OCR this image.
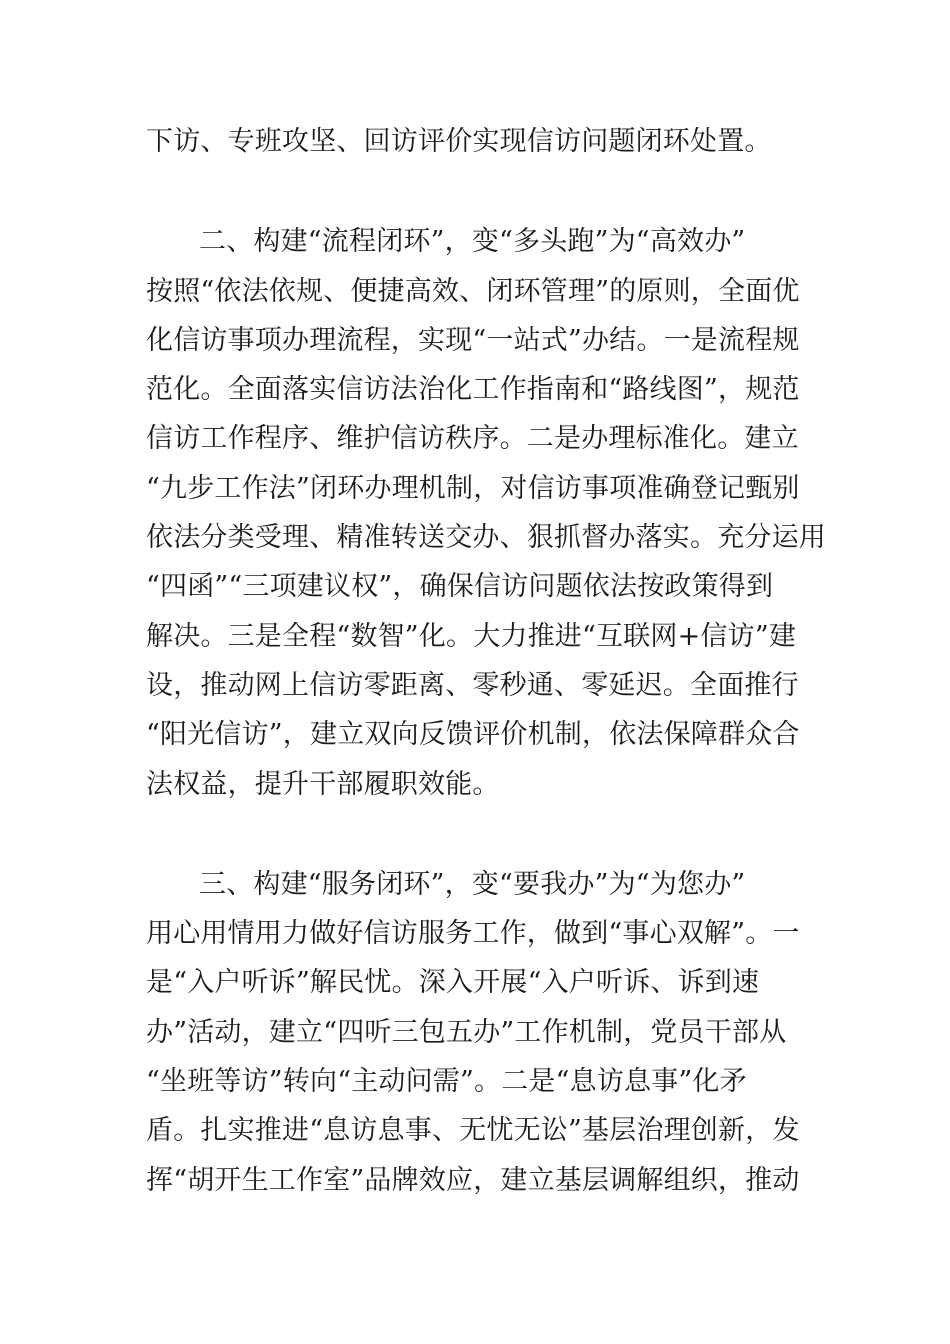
下访、专班攻坚、回访评价实现信访问题闭环处置。
二、构建“流程闭环”，变“多头跑”为“高效办”
按照“依法依规、便捷高效、闭环管理”的原则，全面优
化信访事项办理流程，实现“一站式”办结。一是流程规
范化。全面落实信访法治化工作指南和“路线图”，规范
信访工作程序、维护信访秩序。二是办理标准化。建立
“九步工作法”闭环办理机制，对信访事项准确登记甄别
依法分类受理、精准转送交办、狠抓督办落实。充分运用
“四函”“三项建议权”，确保信访问题依法按政策得到
解决。三是全程“数智”化。大力推进“互联网+信访”建
设，推动网上信访零距离、零秒通、零延迟。全面推行
“阳光信访”，建立双向反馈评价机制，依法保障群众合
法权益，提升干部履职效能。
三、构建“服务闭环”，变“要我办”为“为您办”
用心用情用力做好信访服务工作，做到“事心双解”。一
是“入户听诉”解民忧。深入开展“入户听诉、诉到速
办”活动，建立“四听三包五办”工作机制，党员干部从
“坐班等访”转向“主动问需”。二是“息访息事”化矛
盾。扎实推进“息访息事、无忧无讼”基层治理创新，发
挥“胡开生工作室”品牌效应，建立基层调解组织，推动
